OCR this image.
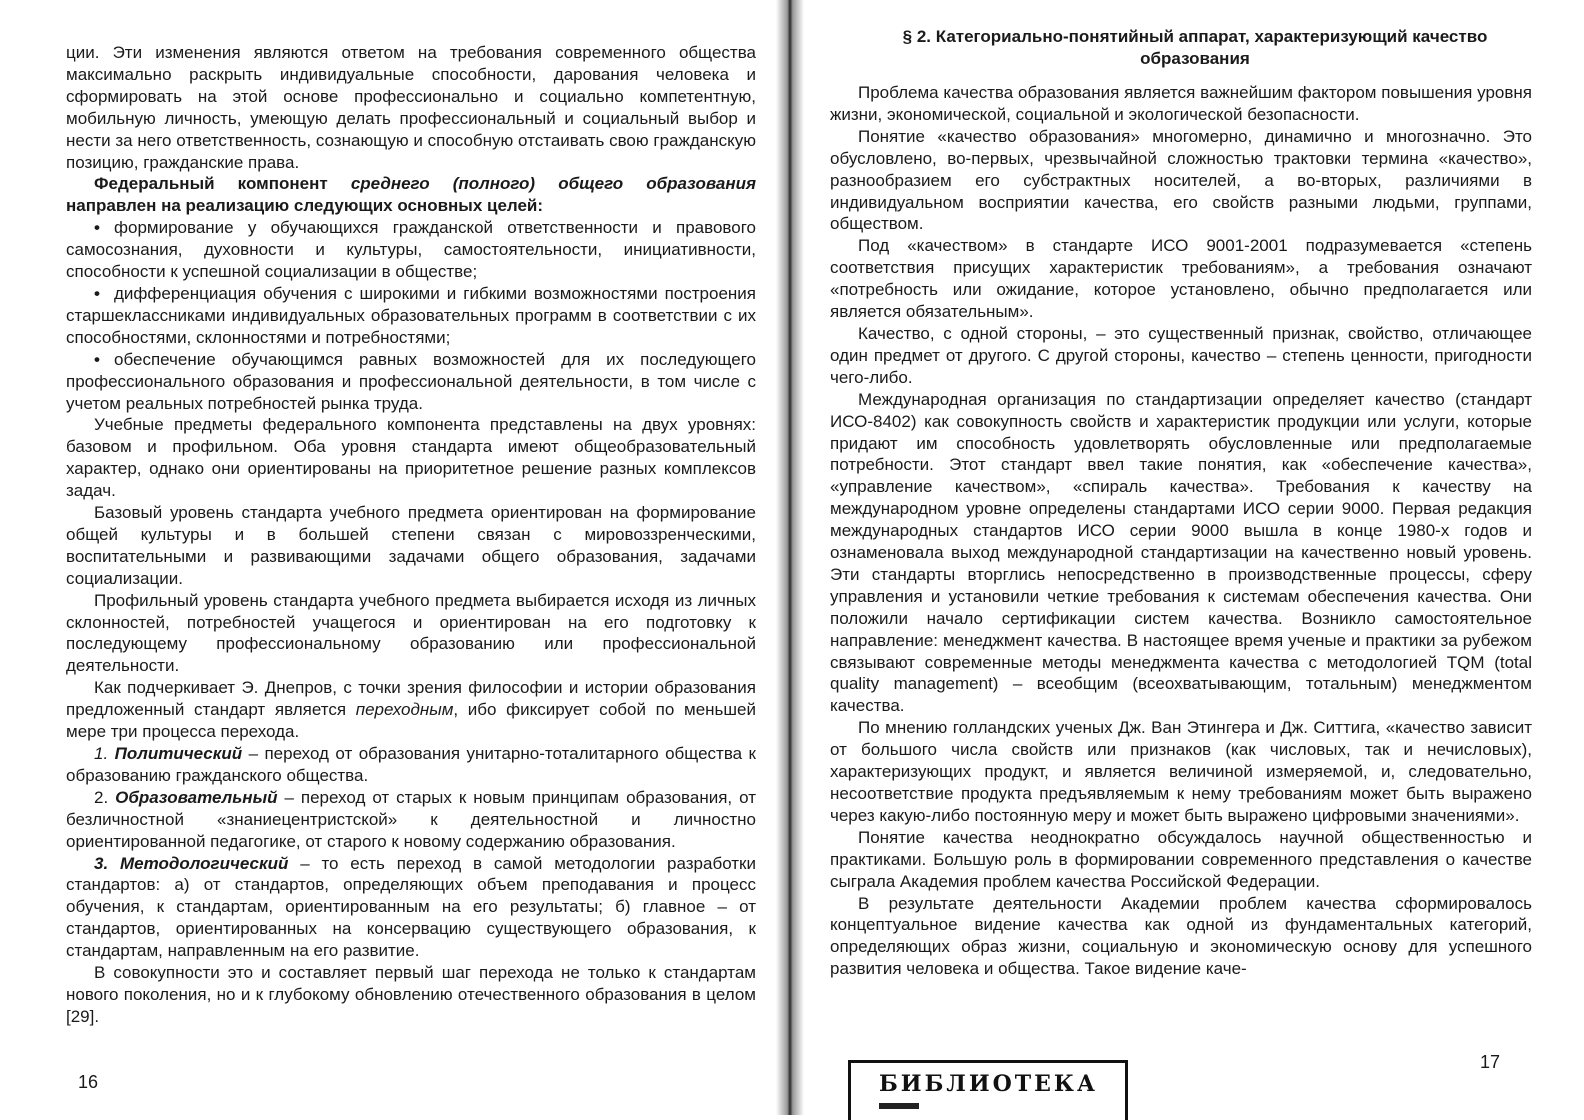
ции. Эти изменения являются ответом на требования современного общества максимально раскрыть индивидуальные способности, дарования человека и сформировать на этой основе профессионально и социально компетентную, мобильную личность, умеющую делать профессиональный и социальный выбор и нести за него ответственность, сознающую и способную отстаивать свою гражданскую позицию, гражданские права.

Федеральный компонент среднего (полного) общего образования направлен на реализацию следующих основных целей:

• формирование у обучающихся гражданской ответственности и правового самосознания, духовности и культуры, самостоятельности, инициативности, способности к успешной социализации в обществе;

• дифференциация обучения с широкими и гибкими возможностями построения старшеклассниками индивидуальных образовательных программ в соответствии с их способностями, склонностями и потребностями;

• обеспечение обучающимся равных возможностей для их последующего профессионального образования и профессиональной деятельности, в том числе с учетом реальных потребностей рынка труда.

Учебные предметы федерального компонента представлены на двух уровнях: базовом и профильном. Оба уровня стандарта имеют общеобразовательный характер, однако они ориентированы на приоритетное решение разных комплексов задач.

Базовый уровень стандарта учебного предмета ориентирован на формирование общей культуры и в большей степени связан с мировоззренческими, воспитательными и развивающими задачами общего образования, задачами социализации.

Профильный уровень стандарта учебного предмета выбирается исходя из личных склонностей, потребностей учащегося и ориентирован на его подготовку к последующему профессиональному образованию или профессиональной деятельности.

Как подчеркивает Э. Днепров, с точки зрения философии и истории образования предложенный стандарт является переходным, ибо фиксирует собой по меньшей мере три процесса перехода.

1. Политический – переход от образования унитарно-тоталитарного общества к образованию гражданского общества.

2. Образовательный – переход от старых к новым принципам образования, от безличностной «знаниецентристской» к деятельностной и личностно ориентированной педагогике, от старого к новому содержанию образования.

3. Методологический – то есть переход в самой методологии разработки стандартов: а) от стандартов, определяющих объем преподавания и процесс обучения, к стандартам, ориентированным на его результаты; б) главное – от стандартов, ориентированных на консервацию существующего образования, к стандартам, направленным на его развитие.

В совокупности это и составляет первый шаг перехода не только к стандартам нового поколения, но и к глубокому обновлению отечественного образования в целом [29].

16
§ 2. Категориально-понятийный аппарат, характеризующий качество образования

Проблема качества образования является важнейшим фактором повышения уровня жизни, экономической, социальной и экологической безопасности.

Понятие «качество образования» многомерно, динамично и многозначно. Это обусловлено, во-первых, чрезвычайной сложностью трактовки термина «качество», разнообразием его субстрактных носителей, а во-вторых, различиями в индивидуальном восприятии качества, его свойств разными людьми, группами, обществом.

Под «качеством» в стандарте ИСО 9001-2001 подразумевается «степень соответствия присущих характеристик требованиям», а требования означают «потребность или ожидание, которое установлено, обычно предполагается или является обязательным».

Качество, с одной стороны, – это существенный признак, свойство, отличающее один предмет от другого. С другой стороны, качество – степень ценности, пригодности чего-либо.

Международная организация по стандартизации определяет качество (стандарт ИСО-8402) как совокупность свойств и характеристик продукции или услуги, которые придают им способность удовлетворять обусловленные или предполагаемые потребности. Этот стандарт ввел такие понятия, как «обеспечение качества», «управление качеством», «спираль качества». Требования к качеству на международном уровне определены стандартами ИСО серии 9000. Первая редакция международных стандартов ИСО серии 9000 вышла в конце 1980-х годов и ознаменовала выход международной стандартизации на качественно новый уровень. Эти стандарты вторглись непосредственно в производственные процессы, сферу управления и установили четкие требования к системам обеспечения качества. Они положили начало сертификации систем качества. Возникло самостоятельное направление: менеджмент качества. В настоящее время ученые и практики за рубежом связывают современные методы менеджмента качества с методологией TQM (total quality management) – всеобщим (всеохватывающим, тотальным) менеджментом качества.

По мнению голландских ученых Дж. Ван Этингера и Дж. Ситтига, «качество зависит от большого числа свойств или признаков (как числовых, так и нечисловых), характеризующих продукт, и является величиной измеряемой, и, следовательно, несоответствие продукта предъявляемым к нему требованиям может быть выражено через какую-либо постоянную меру и может быть выражено цифровыми значениями».

Понятие качества неоднократно обсуждалось научной общественностью и практиками. Большую роль в формировании современного представления о качестве сыграла Академия проблем качества Российской Федерации.

В результате деятельности Академии проблем качества сформировалось концептуальное видение качества как одной из фундаментальных категорий, определяющих образ жизни, социальную и экономическую основу для успешного развития человека и общества. Такое видение каче-

17
БИБЛИОТЕКА
